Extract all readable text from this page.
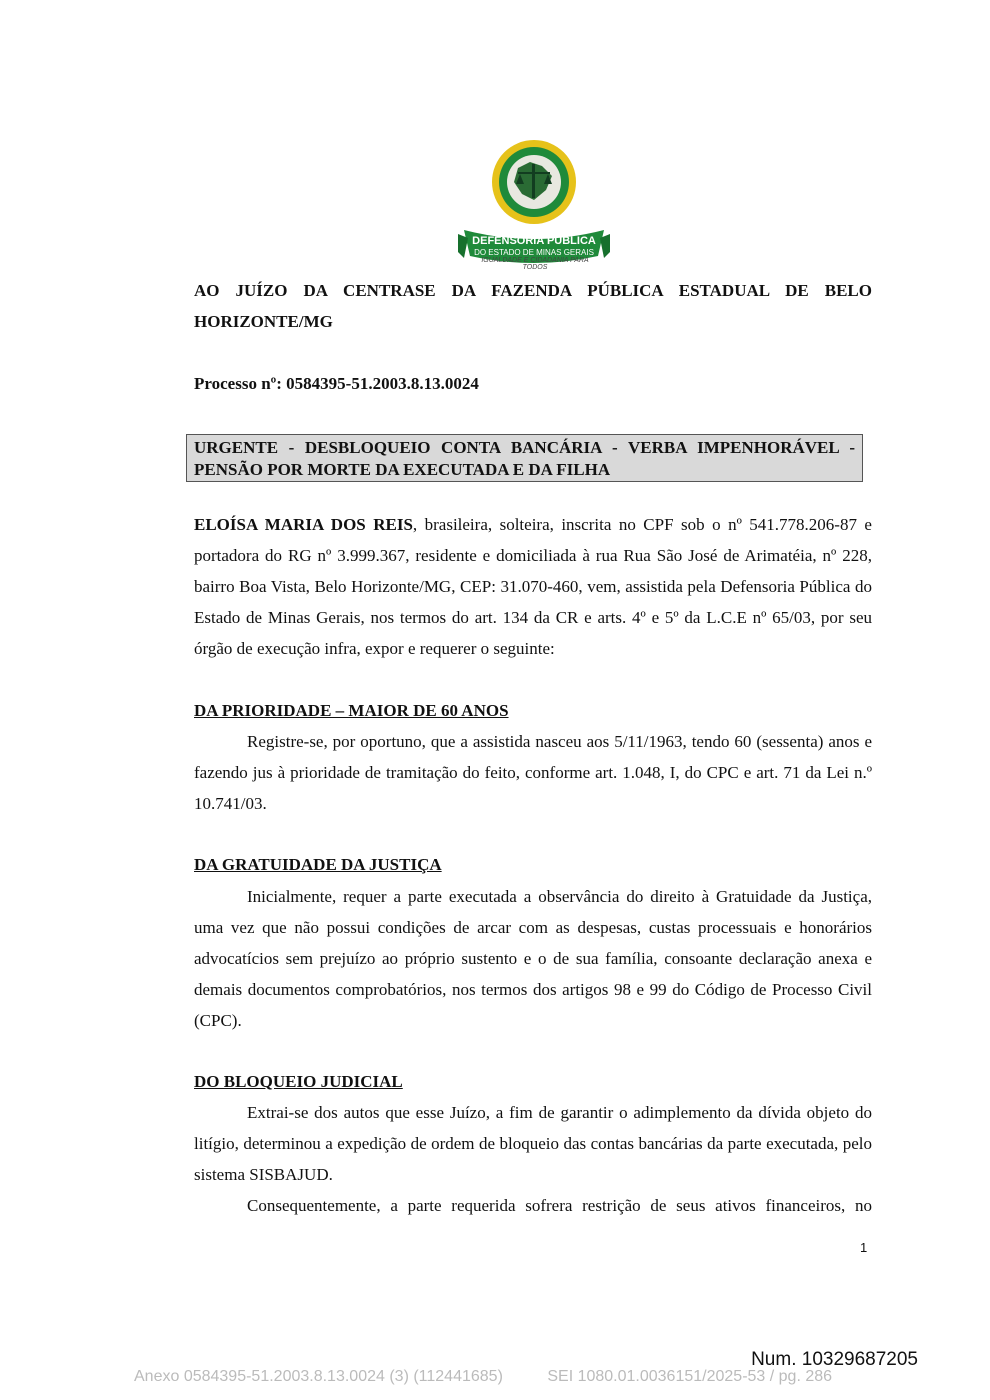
DEFENSORIA PÚBLICA
DO ESTADO DE MINAS GERAIS
IGUALDADE E CIDADANIA PARA TODOS
AO JUÍZO DA CENTRASE DA FAZENDA PÚBLICA ESTADUAL DE BELO
HORIZONTE/MG
Processo nº: 0584395-51.2003.8.13.0024
URGENTE - DESBLOQUEIO CONTA BANCÁRIA - VERBA IMPENHORÁVEL -
PENSÃO POR MORTE DA EXECUTADA E DA FILHA
ELOÍSA MARIA DOS REIS, brasileira, solteira, inscrita no CPF sob o nº 541.778.206-87 e portadora do RG nº 3.999.367, residente e domiciliada à rua Rua São José de Arimatéia, nº 228, bairro Boa Vista, Belo Horizonte/MG, CEP: 31.070-460, vem, assistida pela Defensoria Pública do Estado de Minas Gerais, nos termos do art. 134 da CR e arts. 4º e 5º da L.C.E nº 65/03, por seu órgão de execução infra, expor e requerer o seguinte:
DA PRIORIDADE – MAIOR DE 60 ANOS
Registre-se, por oportuno, que a assistida nasceu aos 5/11/1963, tendo 60 (sessenta) anos e fazendo jus à prioridade de tramitação do feito, conforme art. 1.048, I, do CPC e art. 71 da Lei n.º 10.741/03.
DA GRATUIDADE DA JUSTIÇA
Inicialmente, requer a parte executada a observância do direito à Gratuidade da Justiça, uma vez que não possui condições de arcar com as despesas, custas processuais e honorários advocatícios sem prejuízo ao próprio sustento e o de sua família, consoante declaração anexa e demais documentos comprobatórios, nos termos dos artigos 98 e 99 do Código de Processo Civil (CPC).
DO BLOQUEIO JUDICIAL
Extrai-se dos autos que esse Juízo, a fim de garantir o adimplemento da dívida objeto do litígio, determinou a expedição de ordem de bloqueio das contas bancárias da parte executada, pelo sistema SISBAJUD.
Consequentemente, a parte requerida sofrera restrição de seus ativos financeiros, no
1
Num. 10329687205
Anexo 0584395-51.2003.8.13.0024 (3) (112441685)	SEI 1080.01.0036151/2025-53 / pg. 286
